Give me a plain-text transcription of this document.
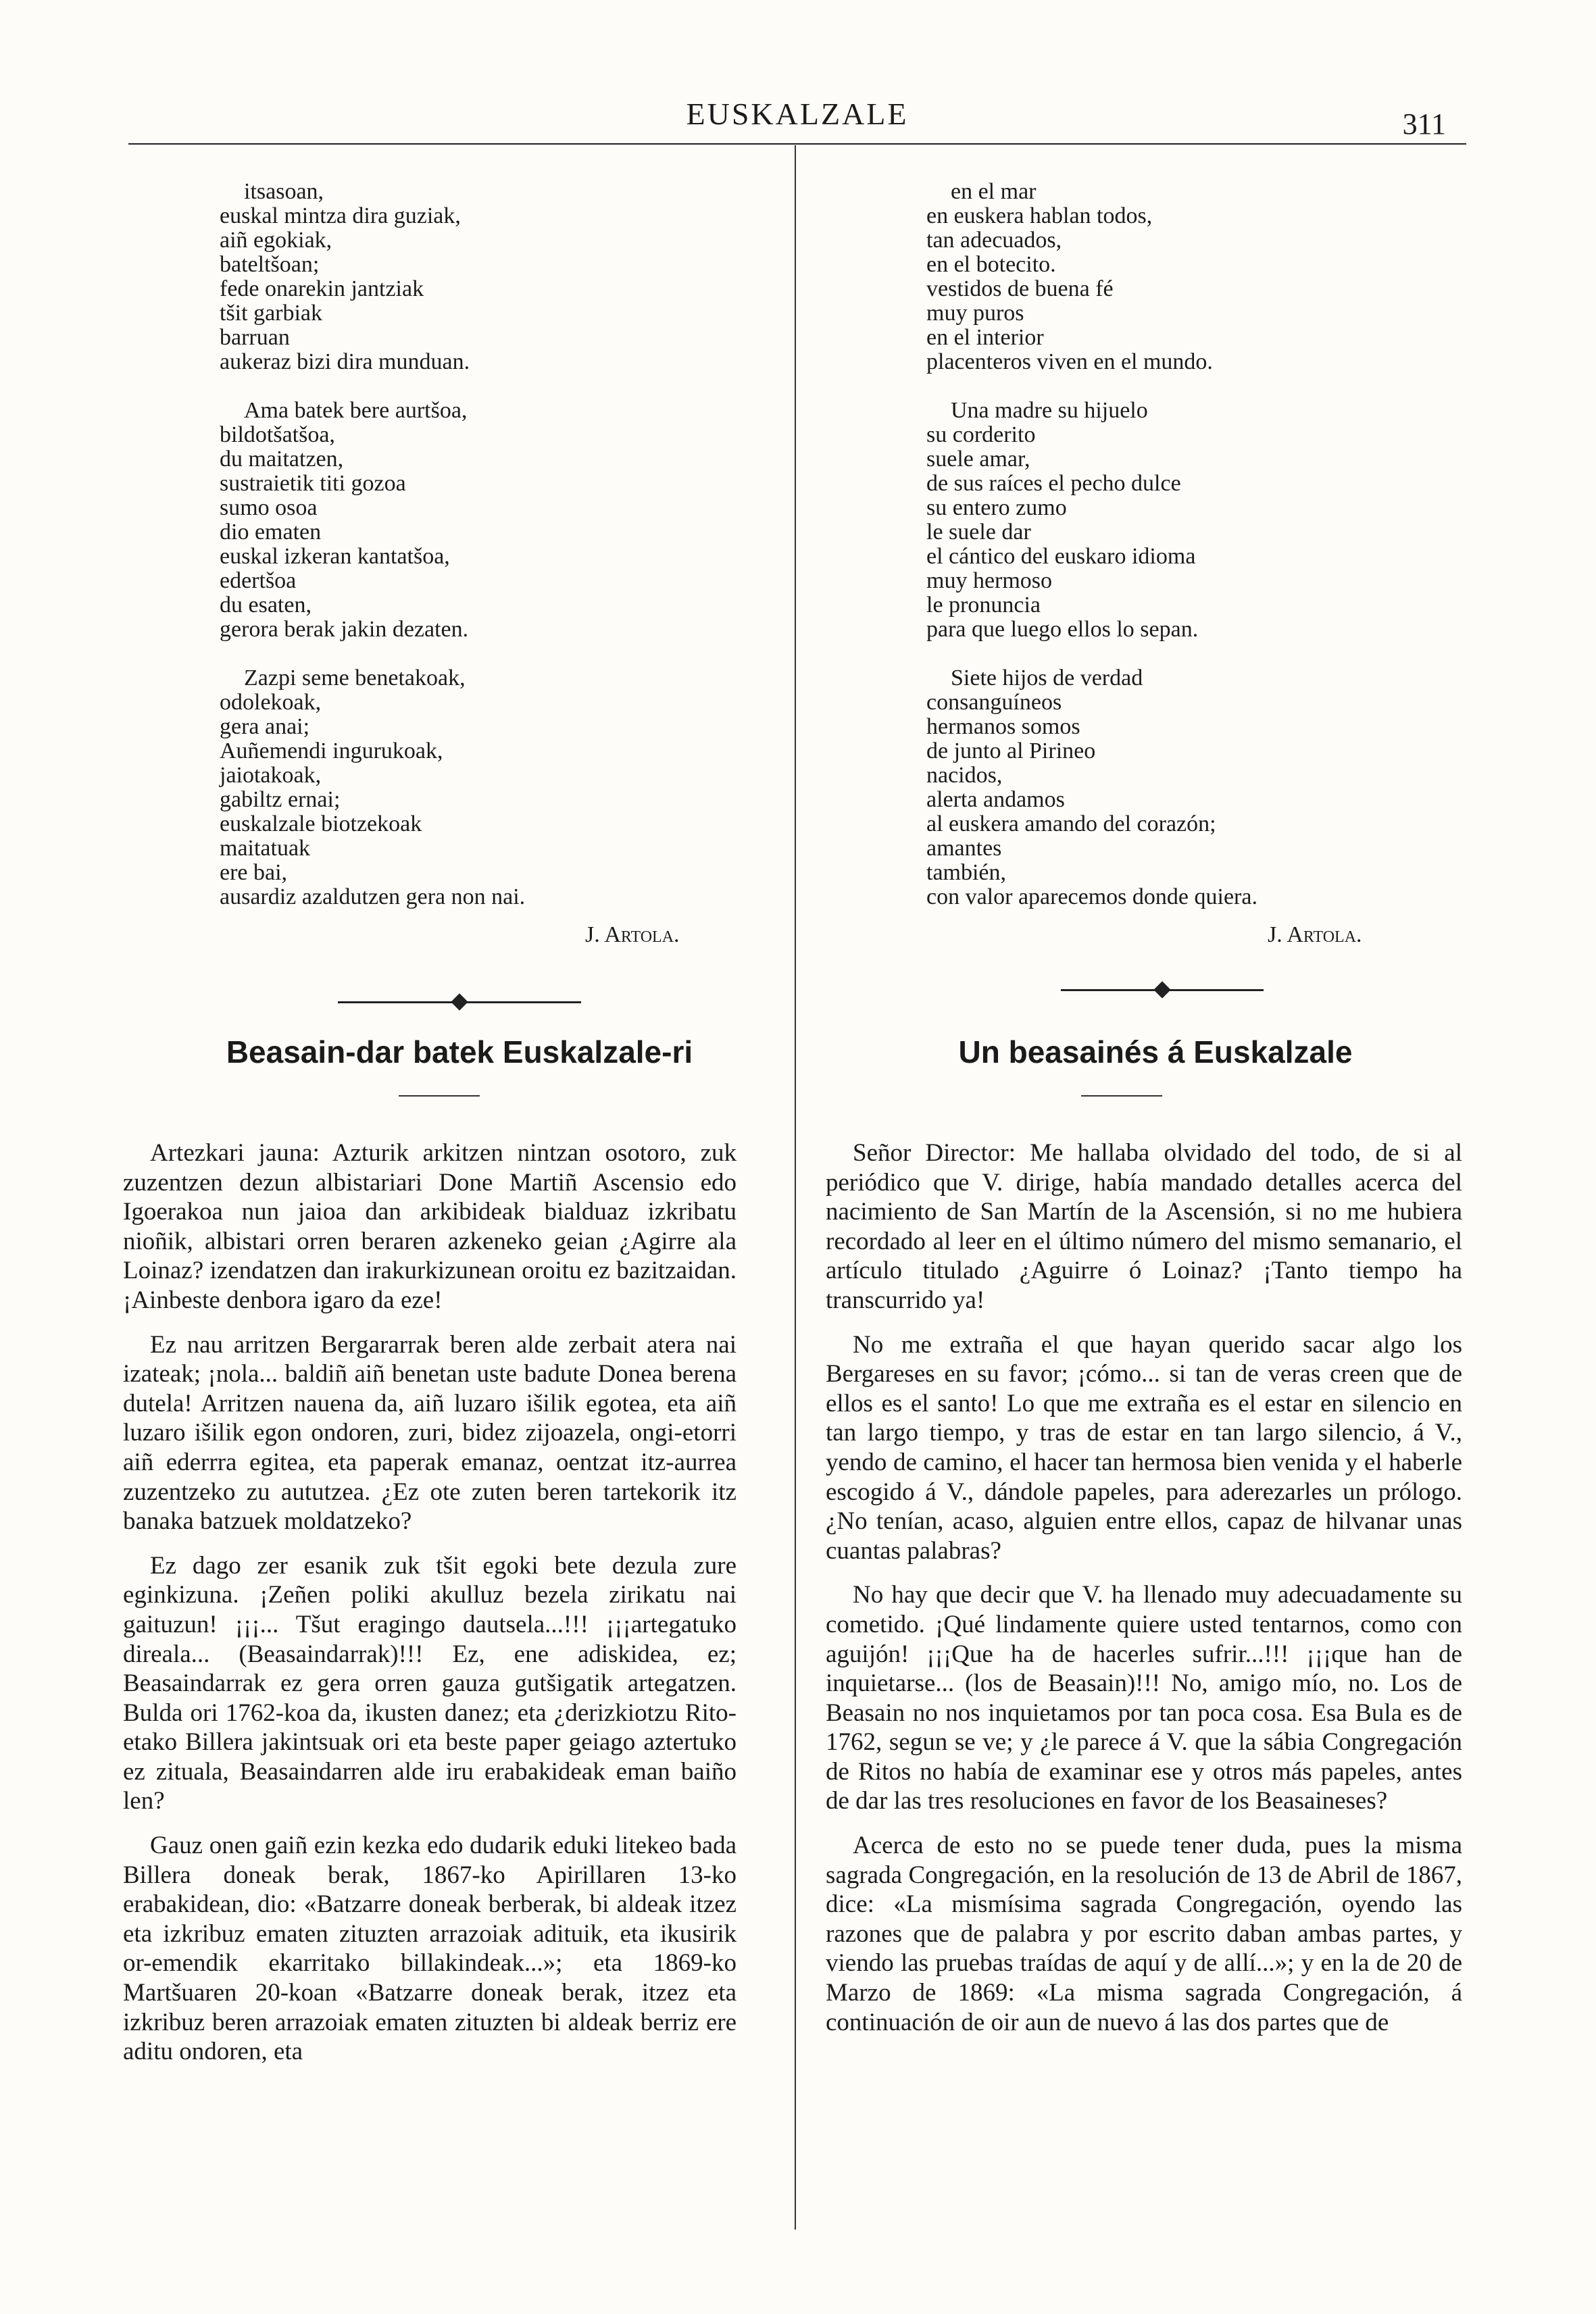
EUSKALZALE	311
itsasoan,
euskal mintza dira guziak,
aiñ egokiak,
bateltšoan;
fede onarekin jantziak
tšit garbiak
barruan
aukeraz bizi dira munduan.
Ama batek bere aurtšoa,
bildotšatšoa,
du maitatzen,
sustraietik titi gozoa
sumo osoa
dio ematen
euskal izkeran kantatšoa,
edertšoa
du esaten,
gerora berak jakin dezaten.
Zazpi seme benetakoak,
odolekoak,
gera anai;
Auñemendi ingurukoak,
jaiotakoak,
gabiltz ernai;
euskalzale biotzekoak
maitatuak
ere bai,
ausardiz azaldutzen gera non nai.
J. Artola.
en el mar
en euskera hablan todos,
tan adecuados,
en el botecito.
vestidos de buena fé
muy puros
en el interior
placenteros viven en el mundo.
Una madre su hijuelo
su corderito
suele amar,
de sus raíces el pecho dulce
su entero zumo
le suele dar
el cántico del euskaro idioma
muy hermoso
le pronuncia
para que luego ellos lo sepan.
Siete hijos de verdad
consanguíneos
hermanos somos
de junto al Pirineo
nacidos,
alerta andamos
al euskera amando del corazón;
amantes
también,
con valor aparecemos donde quiera.
J. Artola.
Beasain-dar batek Euskalzale-ri	Un beasainés á Euskalzale

Artezkari jauna: Azturik arkitzen nintzan osotoro, zuk zuzentzen dezun albistariari Done Martiñ Ascensio edo Igoerakoa nun jaioa dan arkibideak bialduaz izkribatu nioñik, albistari orren beraren azkeneko geian ¿Agirre ala Loinaz? izendatzen dan irakurkizunean oroitu ez bazitzaidan. ¡Ainbeste denbora igaro da eze!

Ez nau arritzen Bergararrak beren alde zerbait atera nai izateak; ¡nola... baldiñ aiñ benetan uste badute Donea berena dutela! Arritzen nauena da, aiñ luzaro išilik egotea, eta aiñ luzaro išilik egon ondoren, zuri, bidez zijoazela, ongi-etorri aiñ ederrra egitea, eta paperak emanaz, oentzat itz-aurrea zuzentzeko zu aututzea. ¿Ez ote zuten beren tartekorik itz banaka batzuek moldatzeko?

Ez dago zer esanik zuk tšit egoki bete dezula zure eginkizuna. ¡Zeñen poliki akulluz bezela zirikatu nai gaituzun! ¡¡¡... Tšut eragingo dautsela...!!! ¡¡¡artegatuko direala... (Beasaindarrak)!!! Ez, ene adiskidea, ez; Beasaindarrak ez gera orren gauza gutšigatik artegatzen. Bulda ori 1762-koa da, ikusten danez; eta ¿derizkiotzu Rito-etako Billera jakintsuak ori eta beste paper geiago aztertuko ez zituala, Beasaindarren alde iru erabakideak eman baiño len?

Gauz onen gaiñ ezin kezka edo dudarik eduki litekeo bada Billera doneak berak, 1867-ko Apirillaren 13-ko erabakidean, dio: «Batzarre doneak berberak, bi aldeak itzez eta izkribuz ematen zituzten arrazoiak adituik, eta ikusirik or-emendik ekarritako billakindeak...»; eta 1869-ko Martšuaren 20-koan «Batzarre doneak berak, itzez eta izkribuz beren arrazoiak ematen zituzten bi aldeak berriz ere aditu ondoren, eta

Señor Director: Me hallaba olvidado del todo, de si al periódico que V. dirige, había mandado detalles acerca del nacimiento de San Martín de la Ascensión, si no me hubiera recordado al leer en el último número del mismo semanario, el artículo titulado ¿Aguirre ó Loinaz? ¡Tanto tiempo ha transcurrido ya!

No me extraña el que hayan querido sacar algo los Bergareses en su favor; ¡cómo... si tan de veras creen que de ellos es el santo! Lo que me extraña es el estar en silencio en tan largo tiempo, y tras de estar en tan largo silencio, á V., yendo de camino, el hacer tan hermosa bien venida y el haberle escogido á V., dándole papeles, para aderezarles un prólogo. ¿No tenían, acaso, alguien entre ellos, capaz de hilvanar unas cuantas palabras?

No hay que decir que V. ha llenado muy adecuadamente su cometido. ¡Qué lindamente quiere usted tentarnos, como con aguijón! ¡¡¡Que ha de hacerles sufrir...!!! ¡¡¡que han de inquietarse... (los de Beasain)!!! No, amigo mío, no. Los de Beasain no nos inquietamos por tan poca cosa. Esa Bula es de 1762, segun se ve; y ¿le parece á V. que la sábia Congregación de Ritos no había de examinar ese y otros más papeles, antes de dar las tres resoluciones en favor de los Beasaineses?

Acerca de esto no se puede tener duda, pues la misma sagrada Congregación, en la resolución de 13 de Abril de 1867, dice: «La mismísima sagrada Congregación, oyendo las razones que de palabra y por escrito daban ambas partes, y viendo las pruebas traídas de aquí y de allí...»; y en la de 20 de Marzo de 1869: «La misma sagrada Congregación, á continuación de oir aun de nuevo á las dos partes que de
